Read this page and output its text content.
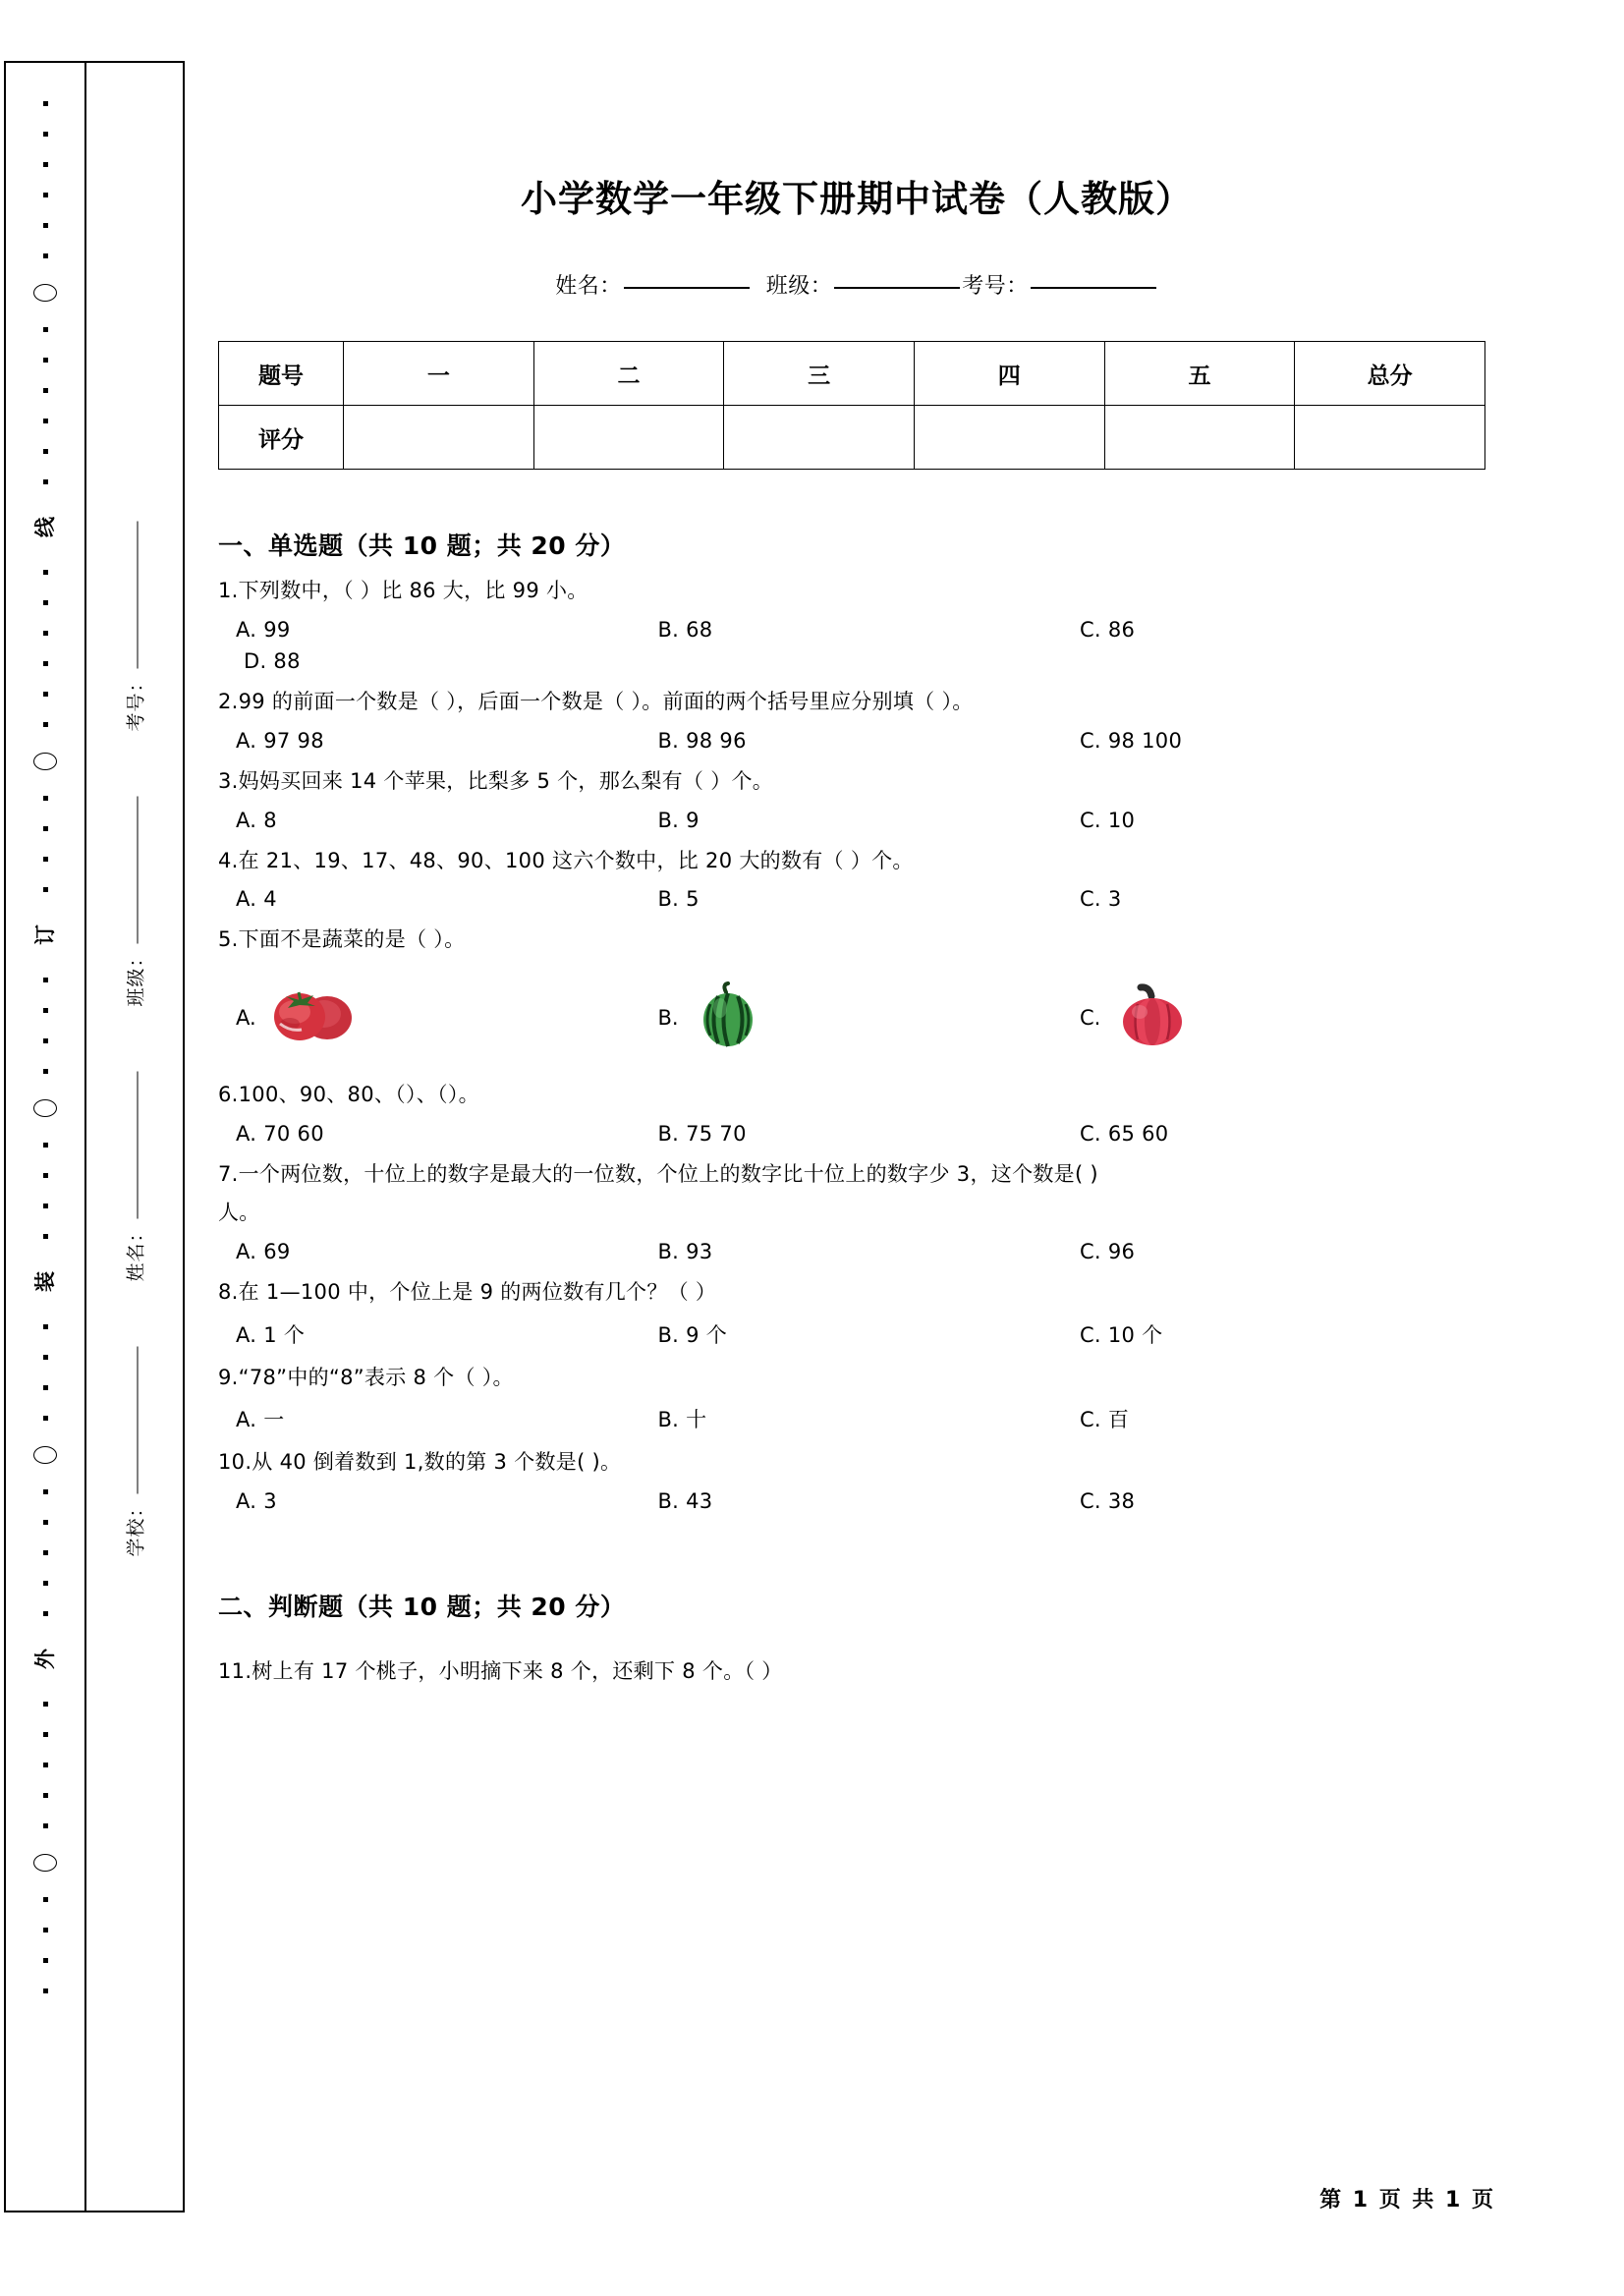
线
订
装
外
考号：
班级：
姓名：
学校：
小学数学一年级下册期中试卷（人教版）
姓名：	班级：	考号：
题号	一	二	三	四	五	总分
评分						
一、单选题（共 10 题；共 20 分）
1.下列数中，（ ）比 86 大，比 99 小。
A. 99	B. 68	C. 86
D. 88
2.99 的前面一个数是（ ），后面一个数是（ ）。前面的两个括号里应分别填（ ）。
A. 97 98	B. 98 96	C. 98 100
3.妈妈买回来 14 个苹果，比梨多 5 个，那么梨有（ ）个。
A. 8	B. 9	C. 10
4.在 21、19、17、48、90、100 这六个数中，比 20 大的数有（ ）个。
A. 4	B. 5	C. 3
5.下面不是蔬菜的是（ ）。
A.	B.	C.
6.100、90、80、（）、（）。
A. 70 60	B. 75 70	C. 65 60
7.一个两位数，十位上的数字是最大的一位数，个位上的数字比十位上的数字少 3，这个数是( )
人。
A. 69	B. 93	C. 96
8.在 1—100 中，个位上是 9 的两位数有几个？（ ）
A. 1 个	B. 9 个	C. 10 个
9.“78”中的“8”表示 8 个（ ）。
A. 一	B. 十	C. 百
10.从 40 倒着数到 1,数的第 3 个数是( )。
A. 3	B. 43	C. 38
二、判断题（共 10 题；共 20 分）
11.树上有 17 个桃子，小明摘下来 8 个，还剩下 8 个。（ ）
第 1 页 共 1 页
